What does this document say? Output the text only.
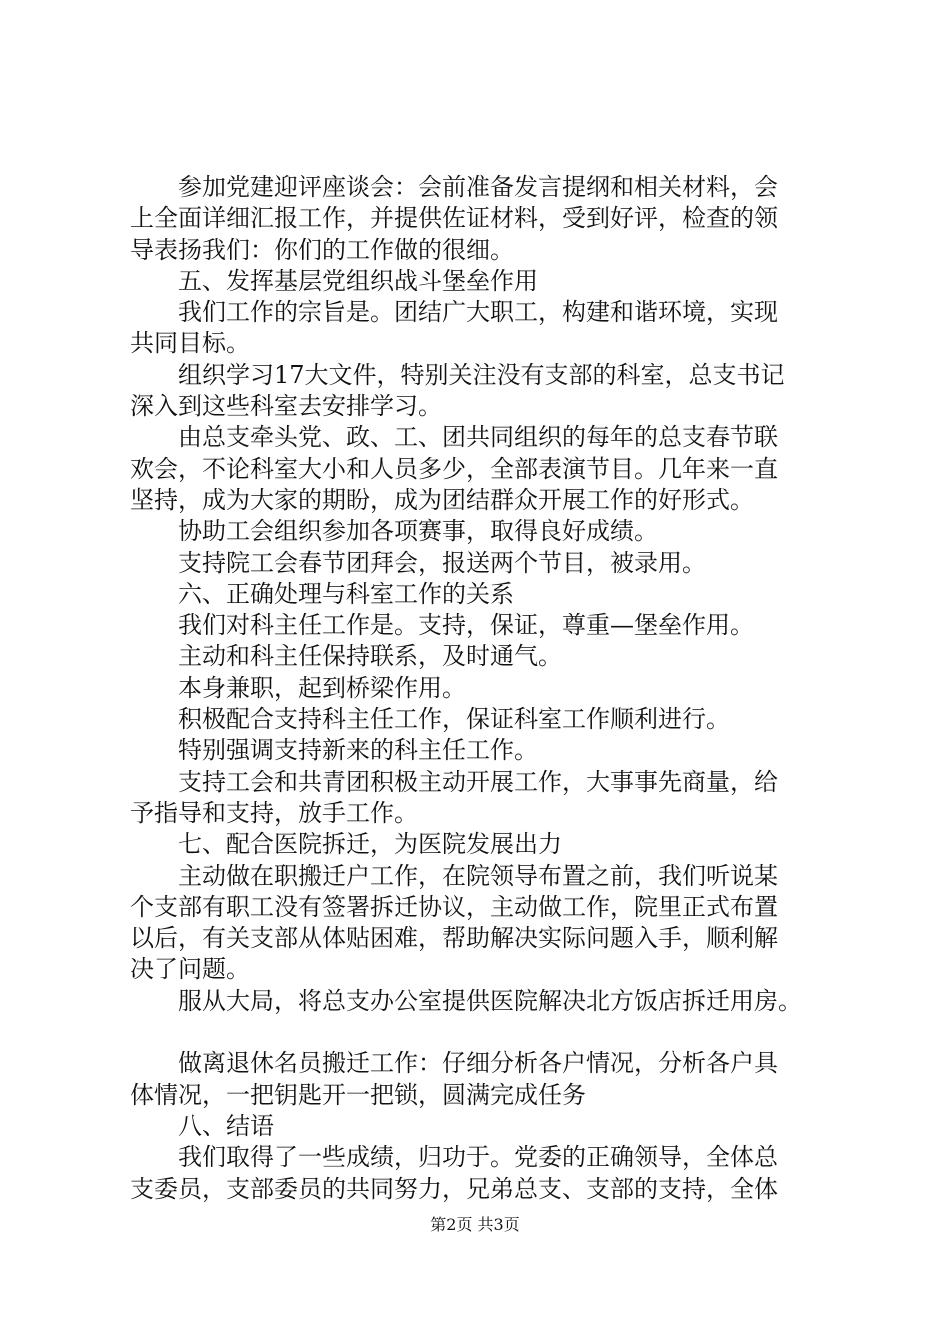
　　参加党建迎评座谈会：会前准备发言提纲和相关材料，会
上全面详细汇报工作，并提供佐证材料，受到好评，检查的领
导表扬我们：你们的工作做的很细。
　　五、发挥基层党组织战斗堡垒作用
　　我们工作的宗旨是。团结广大职工，构建和谐环境，实现
共同目标。
　　组织学习17大文件，特别关注没有支部的科室，总支书记
深入到这些科室去安排学习。
　　由总支牵头党、政、工、团共同组织的每年的总支春节联
欢会，不论科室大小和人员多少，全部表演节目。几年来一直
坚持，成为大家的期盼，成为团结群众开展工作的好形式。
　　协助工会组织参加各项赛事，取得良好成绩。
　　支持院工会春节团拜会，报送两个节目，被录用。
　　六、正确处理与科室工作的关系
　　我们对科主任工作是。支持，保证，尊重—堡垒作用。
　　主动和科主任保持联系，及时通气。
　　本身兼职，起到桥梁作用。
　　积极配合支持科主任工作，保证科室工作顺利进行。
　　特别强调支持新来的科主任工作。
　　支持工会和共青团积极主动开展工作，大事事先商量，给
予指导和支持，放手工作。
　　七、配合医院拆迁，为医院发展出力
　　主动做在职搬迁户工作，在院领导布置之前，我们听说某
个支部有职工没有签署拆迁协议，主动做工作，院里正式布置
以后，有关支部从体贴困难，帮助解决实际问题入手，顺利解
决了问题。
　　服从大局，将总支办公室提供医院解决北方饭店拆迁用房。
　　做离退休名员搬迁工作：仔细分析各户情况，分析各户具
体情况，一把钥匙开一把锁，圆满完成任务
　　八、结语
　　我们取得了一些成绩，归功于。党委的正确领导，全体总
支委员，支部委员的共同努力，兄弟总支、支部的支持，全体
第2页 共3页
